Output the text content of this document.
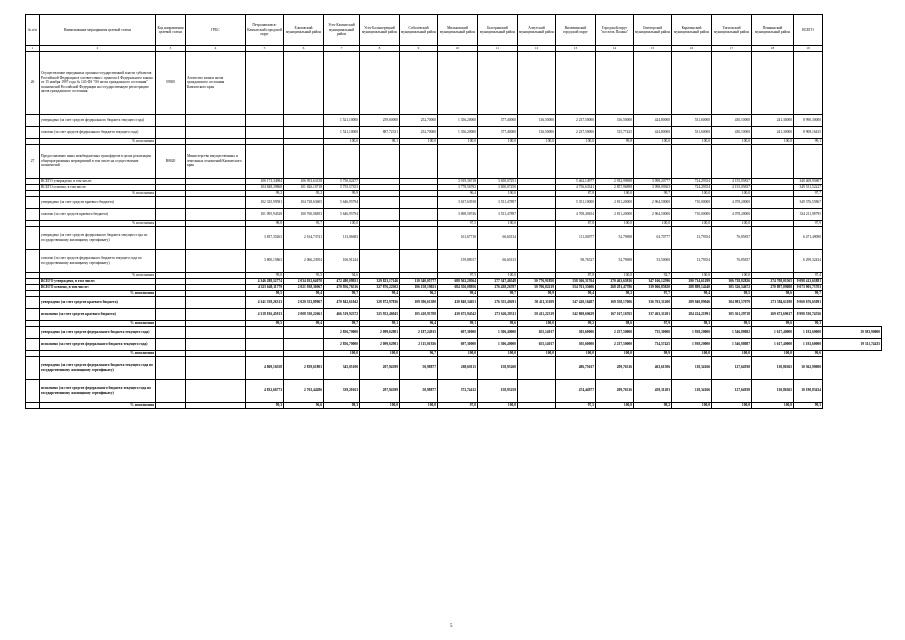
№ п/п	Наименование мероприятия целевой статьи	Код направления целевой статьи	ГРБС	Петропавловск-Камчатский городской округ	Елизовский муниципальный район	Усть-Камчатский муниципальный район	Усть-Большерецкий муниципальный район	Соболевский муниципальный район	Мильковский муниципальный район	Быстринский муниципальный район	Алеутский муниципальный район	Вилючинский городской округ	Городской округ "поселок Палана"	Олюторский муниципальный район	Карагинский муниципальный район	Тигильский муниципальный район	Пенжинский муниципальный район	ВСЕГО	
1	2	3	4	5	6	7	8	9	10	11	12	13	14	15	16	17	18	19	
26	Осуществление переданных органам государственной власти субъектов Российской Федерации в соответствии с пунктом 4 Федерального закона от 15 ноября 1997 года № 143-ФЗ "Об актах гражданского состояния" полномочий Российской Федерации на государственную регистрацию актов гражданского состояния	59300	Агентство записи актов гражданского состояния Камчатского края																
	утверждено (за счет средств федерального бюджета текущего года)					1 521,10000	259,60000	252,70000	1 356,20000	377,40000	136,50000	2 237,50000	316,50000	424,80000	531,60000	430,10000	241,30000	8 990,30000	
	освоено (за счет средств федерального бюджета текущего года)					1 521,10000	887,72331	252,70000	1 356,20000	377,40000	136,50000	2 237,50000	315,77425	424,80000	531,60000	430,10000	241,30000	8 908,16435	
	% исполнения					100,0	98,1	100,0	100,0	100,0	100,0	100,0	99,8	100,0	100,0	100,0	100,0	99,1	
27	Предоставление иных межбюджетных трансфертов в целях реализации общепрограммных мероприятий в том числе на осуществление полномочий	R0820	Министерство имущественных и земельных отношений Камчатского края																
	ВСЕГО утверждено, в том числе:			106 173,34984	106 953,63158	5 750,02477			3 919,36718	3 650,07251		5 462,14977	2 932,99698	3 098,20777	724,29354	4 155,05837		340 469,95807	
	ВСЕГО освоено, в том числе:			104 848,39868	101 826,10718	5 755,57353			3 778,56782	3 650,07250		4 756,63341	2 857,96898	3 098,09303	724,29354	4 155,05837		349 531,52227	
	% исполнения			99,2	95,2	99,9			96,4	100,0		87,8	100,0	99,7	100,0	100,0		97,7	
	утверждено (за счет средств краевого бюджета)			102 335,99581	104 728,63605	5 646,95794			3 637,63918	3 531,47897		5 351,10000	2 811,20000	2 964,50000	710,00000	4 078,20000		349 376,55867	
	освоено (за счет средств краевого бюджета)			101 095,94528	100 760,06853	5 646,95794			3 698,58746	3 531,47897		4 708,49454	2 811,20000	2 964,50000	710,00000	4 078,20000		334 211,98795	
	% исполнения			98,8	95,7	100,0			97,5	100,0		87,8	100,0	100,0	100,0	100,0		97,9	
	утверждено (за счет средств федерального бюджета текущего года по государственному жилищному сертификату)			3 837,35263	2 164,73741	113,06683			161,67718	66,60134		111,04977	52,79698	63,70777	13,79354	76,85837		6 471,49090	
	освоено (за счет средств федерального бюджета текущего года по государственному жилищному сертификату)			3 800,15863	2 066,23954	106,91244			159,88017	66,60133		98,76527	52,79698	53,50000	13,79354	76,85837		6 299,32434	
	% исполнения			99,0	95,5	94,6			97,5	100,0		87,8	100,0	92,7	100,0	100,0		97,4	
	ВСЕГО утверждено, в том числе:			4 346 288,52774	2 034 032,64070	472 480,09921	329 823,17146	110 340,05777	688 562,20564	277 347,46548	50 776,91850	558 366,31764	270 463,65816	347 166,12596	290 734,61299	306 728,82826	274 708,01565	9 098 412,63881	
	ВСЕГО освоено, в том числе:			4 325 649,11779	2 021 938,36967	470 956,76516	327 876,22302	106 158,19023	684 356,08956	276 438,26787	50 706,82219	554 761,35606	268 291,47786	339 066,85820	288 889,14240	305 326,54672	270 897,89088	9 073 905,73703	
	% исполнения			99,5	99,4	99,7	99,4	96,2	99,4	99,7	99,9	99,4	99,2	97,7	99,4	99,5	98,6	99,7	
	утверждено (за счет средств краевого бюджета)			4 341 339,26313	2 020 333,89967	470 842,61042	328 872,97836	109 396,61380	430 840,34651	276 355,40291	50 411,31109	547 420,16487	169 558,17606	336 763,31200	289 940,89046	304 983,57079	273 384,61180	9 060 676,63091	
	исполнено (за счет средств краевого бюджета)			4 318 816,45013	2 008 330,22661	466 519,92372	325 952,46945	105 410,91708	430 675,94542	273 626,28311	50 411,22319	542 869,60629	167 167,16765	337 463,31201	284 224,21991	305 361,29718	269 673,69617	8 990 530,74556	
	% исполнения			99,5	99,4	99,7	99,1	96,4	99,1	99,6	100,0	99,2	98,6	97,9	98,3	99,5	99,6	99,3	
	утверждено (за счет средств федерального бюджета текущего года)					2 856,70000	2 099,62981	2 187,24915	697,30000	1 306,40000	655,14017	305,60000	2 237,50000	735,30000	1 938,20000	1 546,88082	1 617,40000	1 192,60000	19 383,90000
	исполнено (за счет средств федерального бюджета текущего года)					2 856,70000	2 099,62981	2 115,01926	697,30000	1 306,40000	655,14017	305,60000	2 237,50000	734,57425	1 938,20000	1 546,88087	1 617,40000	1 192,60000	19 311,74435
	% исполнения					100,0	100,0	96,7	100,0	100,0	100,0	100,0	100,0	99,9	100,0	100,0	100,0	99,6	
	утверждено (за счет средств федерального бюджета текущего года по государственному жилищному сертификату)			4 869,16558	2 839,61803	345,05100	207,94399	50,98877	269,60115	158,93260		486,75637	209,76316	463,61506	118,34166	127,64938	130,86365	10 362,90000	
	исполнено (за счет средств федерального бюджета текущего года по государственному жилищному сертификату)			4 832,66773	2 763,44286	339,20163	207,94399	50,98877	372,74412	158,93259		474,44977	209,76316	459,31203	118,34166	127,64938	130,86365	10 190,83434	
	% исполнения			99,3	96,6	98,3	100,0	100,0	97,0	100,0		97,5	100,0	98,2	100,0	100,0	100,0	99,3	
5
